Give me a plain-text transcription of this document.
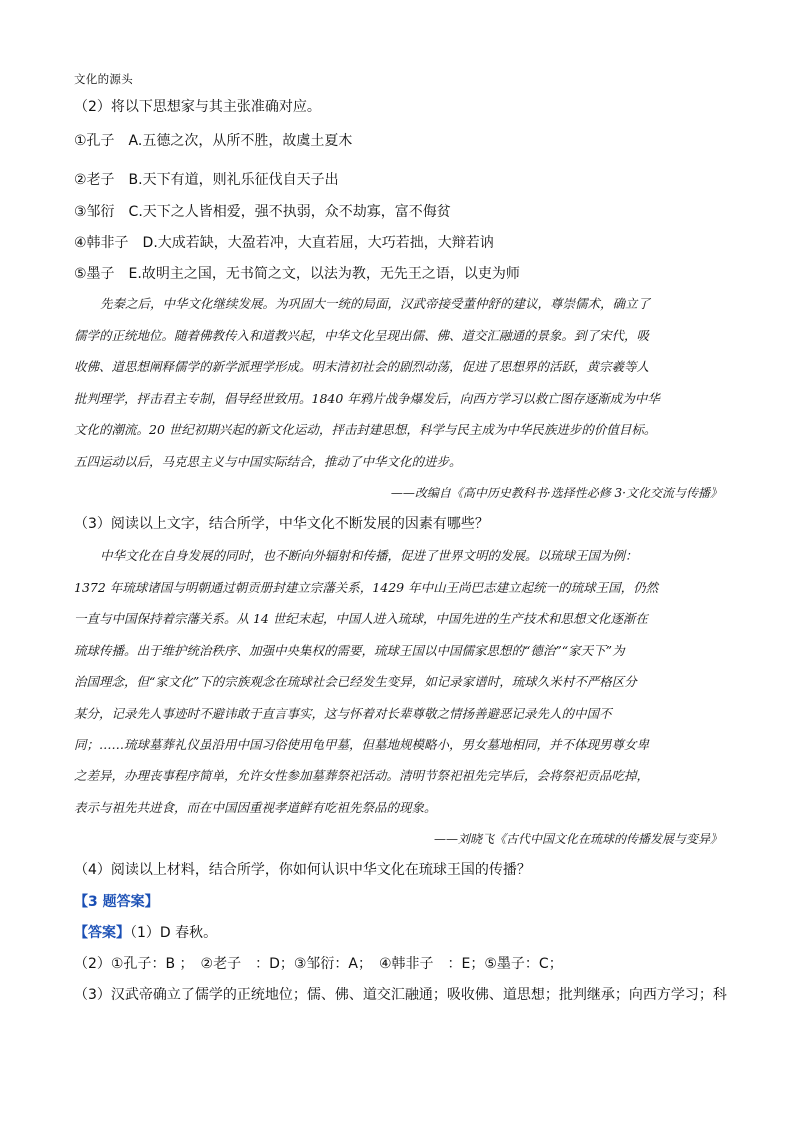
文化的源头
（2）将以下思想家与其主张准确对应。
①孔子　A.五德之次，从所不胜，故虞土夏木
②老子　B.天下有道，则礼乐征伐自天子出
③邹衍　C.天下之人皆相爱，强不执弱，众不劫寡，富不侮贫
④韩非子　D.大成若缺，大盈若冲，大直若屈，大巧若拙，大辩若讷
⑤墨子　E.故明主之国，无书简之文，以法为教，无先王之语，以吏为师
先秦之后，中华文化继续发展。为巩固大一统的局面，汉武帝接受董仲舒的建议，尊崇儒术，确立了
儒学的正统地位。随着佛教传入和道教兴起，中华文化呈现出儒、佛、道交汇融通的景象。到了宋代，吸
收佛、道思想阐释儒学的新学派理学形成。明末清初社会的剧烈动荡，促进了思想界的活跃，黄宗羲等人
批判理学，抨击君主专制，倡导经世致用。1840 年鸦片战争爆发后，向西方学习以救亡图存逐渐成为中华
文化的潮流。20 世纪初期兴起的新文化运动，抨击封建思想，科学与民主成为中华民族进步的价值目标。
五四运动以后，马克思主义与中国实际结合，推动了中华文化的进步。
——改编自《高中历史教科书·选择性必修 3·文化交流与传播》
（3）阅读以上文字，结合所学，中华文化不断发展的因素有哪些？
中华文化在自身发展的同时，也不断向外辐射和传播，促进了世界文明的发展。以琉球王国为例：
1372 年琉球诸国与明朝通过朝贡册封建立宗藩关系，1429 年中山王尚巴志建立起统一的琉球王国，仍然
一直与中国保持着宗藩关系。从 14 世纪末起，中国人进入琉球，中国先进的生产技术和思想文化逐渐在
琉球传播。出于维护统治秩序、加强中央集权的需要，琉球王国以中国儒家思想的“德治”“家天下”为
治国理念，但“家文化”下的宗族观念在琉球社会已经发生变异，如记录家谱时，琉球久米村不严格区分
某分，记录先人事迹时不避讳敢于直言事实，这与怀着对长辈尊敬之情扬善避恶记录先人的中国不
同；……琉球墓葬礼仪虽沿用中国习俗使用龟甲墓，但墓地规模略小，男女墓地相同，并不体现男尊女卑
之差异，办理丧事程序简单，允许女性参加墓葬祭祀活动。清明节祭祀祖先完毕后，会将祭祀贡品吃掉，
表示与祖先共进食，而在中国因重视孝道鲜有吃祖先祭品的现象。
——刘晓飞《古代中国文化在琉球的传播发展与变异》
（4）阅读以上材料，结合所学，你如何认识中华文化在琉球王国的传播？
【3 题答案】
【答案】（1）D 春秋。
（2）①孔子：B ；　②老子　：D；③邹衍：A；　④韩非子　：E；⑤墨子：C；
（3）汉武帝确立了儒学的正统地位；儒、佛、道交汇融通；吸收佛、道思想；批判继承；向西方学习；科
